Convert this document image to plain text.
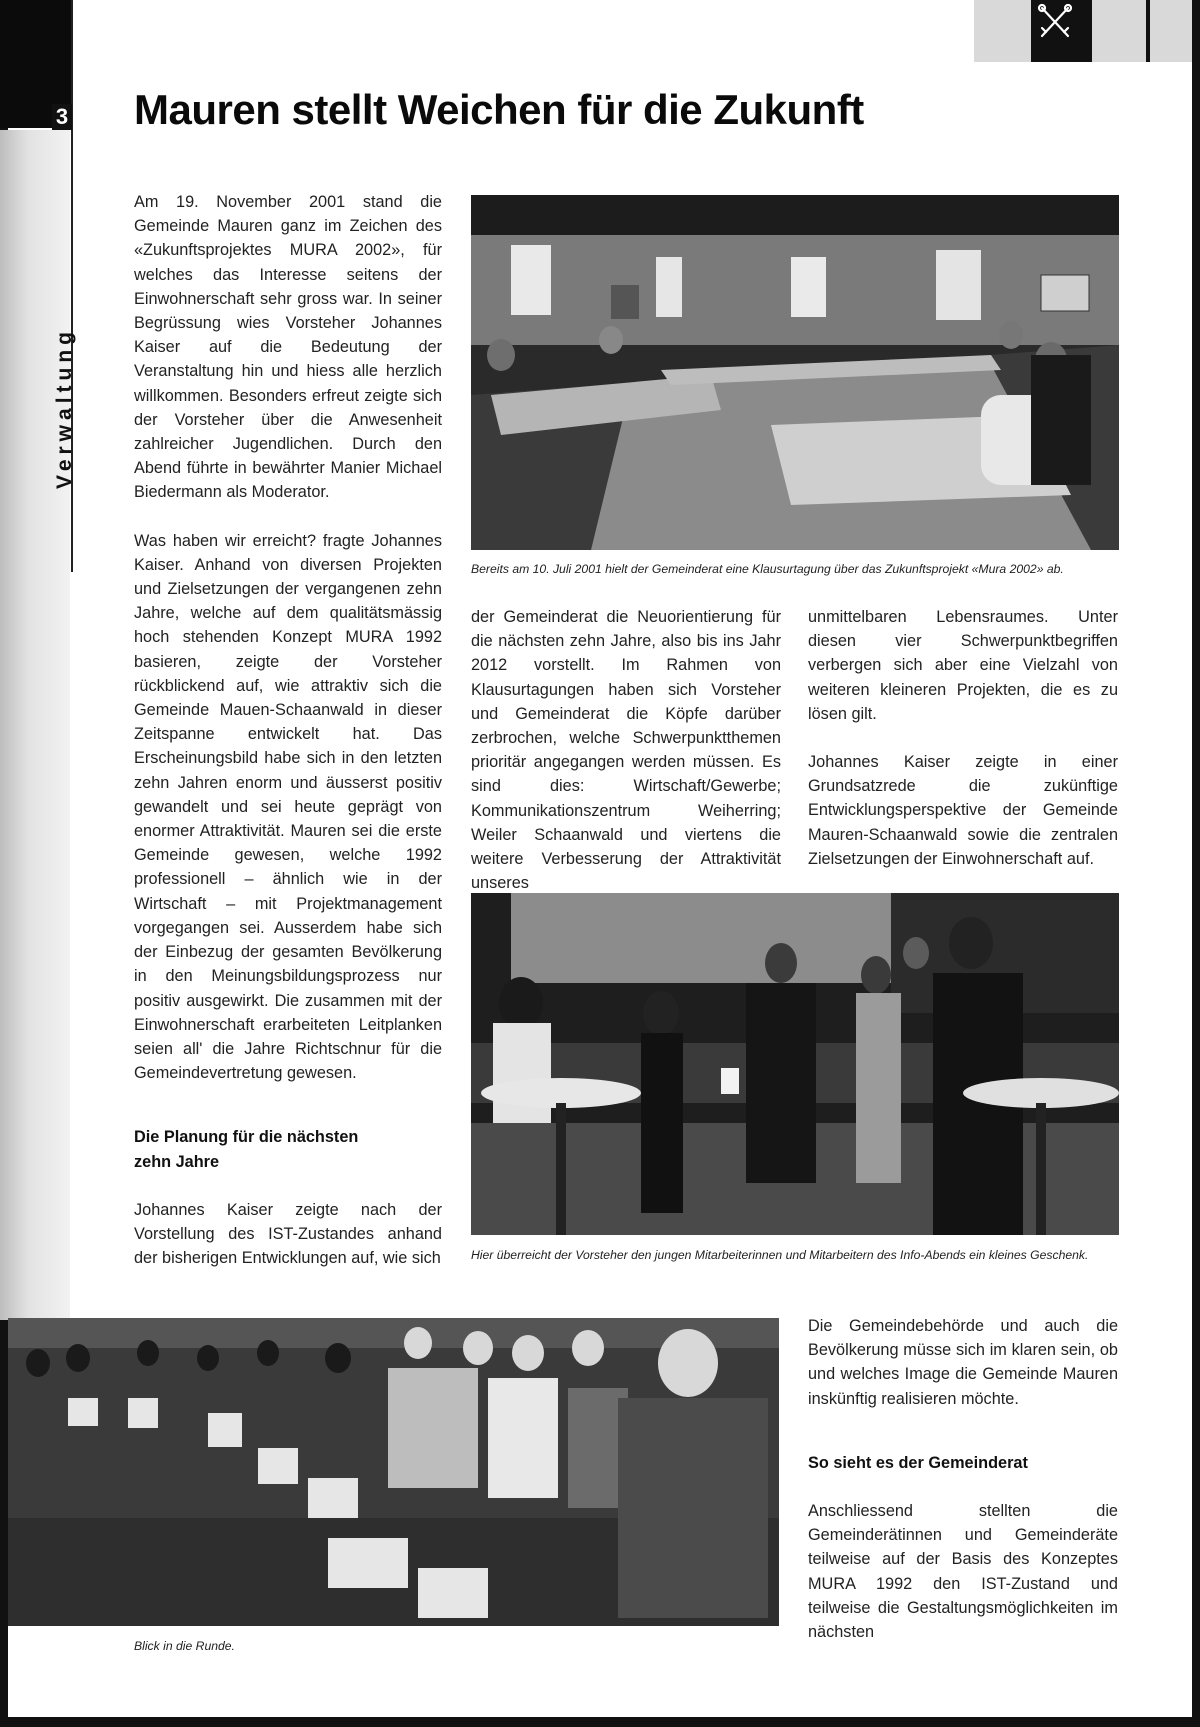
3
Verwaltung
Mauren stellt Weichen für die Zukunft

Am 19. November 2001 stand die Gemeinde Mauren ganz im Zeichen des «Zukunftsprojektes MURA 2002», für welches das Interesse seitens der Einwohnerschaft sehr gross war. In seiner Begrüssung wies Vorsteher Johannes Kaiser auf die Bedeutung der Veranstaltung hin und hiess alle herzlich willkommen. Besonders erfreut zeigte sich der Vorsteher über die Anwesenheit zahlreicher Jugendlichen. Durch den Abend führte in bewährter Manier Michael Biedermann als Moderator.

Was haben wir erreicht? fragte Johannes Kaiser. Anhand von diversen Projekten und Zielsetzungen der vergangenen zehn Jahre, welche auf dem qualitätsmässig hoch stehenden Konzept MURA 1992 basieren, zeigte der Vorsteher rückblickend auf, wie attraktiv sich die Gemeinde Mauen-Schaanwald in dieser Zeitspanne entwickelt hat. Das Erscheinungsbild habe sich in den letzten zehn Jahren enorm und äusserst positiv gewandelt und sei heute geprägt von enormer Attraktivität. Mauren sei die erste Gemeinde gewesen, welche 1992 professionell – ähnlich wie in der Wirtschaft – mit Projektmanagement vorgegangen sei. Ausserdem habe sich der Einbezug der gesamten Bevölkerung in den Meinungsbildungsprozess nur positiv ausgewirkt. Die zusammen mit der Einwohnerschaft erarbeiteten Leitplanken seien all' die Jahre Richtschnur für die Gemeindevertretung gewesen.

Die Planung für die nächsten zehn Jahre

Johannes Kaiser zeigte nach der Vorstellung des IST-Zustandes anhand der bisherigen Entwicklungen auf, wie sich

Bereits am 10. Juli 2001 hielt der Gemeinderat eine Klausurtagung über das Zukunftsprojekt «Mura 2002» ab.

der Gemeinderat die Neuorientierung für die nächsten zehn Jahre, also bis ins Jahr 2012 vorstellt. Im Rahmen von Klausurtagungen haben sich Vorsteher und Gemeinderat die Köpfe darüber zerbrochen, welche Schwerpunktthemen prioritär angegangen werden müssen. Es sind dies: Wirtschaft/Gewerbe; Kommunikationszentrum Weiherring; Weiler Schaanwald und viertens die weitere Verbesserung der Attraktivität unseres

unmittelbaren Lebensraumes. Unter diesen vier Schwerpunktbegriffen verbergen sich aber eine Vielzahl von weiteren kleineren Projekten, die es zu lösen gilt.

Johannes Kaiser zeigte in einer Grundsatzrede die zukünftige Entwicklungsperspektive der Gemeinde Mauren-Schaanwald sowie die zentralen Zielsetzungen der Einwohnerschaft auf.

Hier überreicht der Vorsteher den jungen Mitarbeiterinnen und Mitarbeitern des Info-Abends ein kleines Geschenk.
Blick in die Runde.

Die Gemeindebehörde und auch die Bevölkerung müsse sich im klaren sein, ob und welches Image die Gemeinde Mauren inskünftig realisieren möchte.

So sieht es der Gemeinderat

Anschliessend stellten die Gemeinderätinnen und Gemeinderäte teilweise auf der Basis des Konzeptes MURA 1992 den IST-Zustand und teilweise die Gestaltungsmöglichkeiten im nächsten
